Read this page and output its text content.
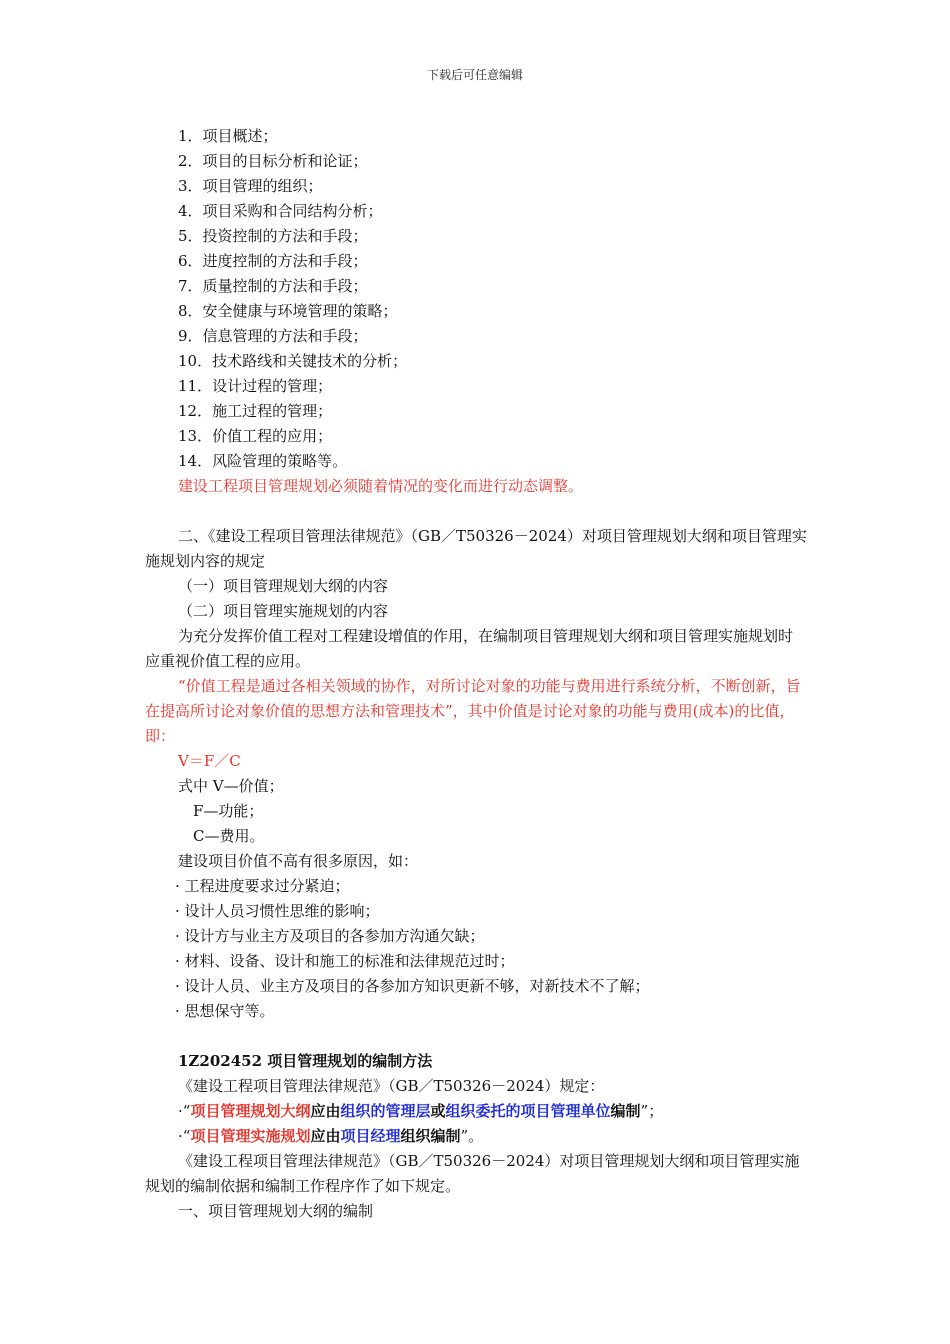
下载后可任意编辑
1．项目概述；
2．项目的目标分析和论证；
3．项目管理的组织；
4．项目采购和合同结构分析；
5．投资控制的方法和手段；
6．进度控制的方法和手段；
7．质量控制的方法和手段；
8．安全健康与环境管理的策略；
9．信息管理的方法和手段；
10．技术路线和关键技术的分析；
11．设计过程的管理；
12．施工过程的管理；
13．价值工程的应用；
14．风险管理的策略等。
建设工程项目管理规划必须随着情况的变化而进行动态调整。
二、《建设工程项目管理法律规范》（GB／T50326－2024）对项目管理规划大纲和项目管理实施规划内容的规定
（一）项目管理规划大纲的内容
（二）项目管理实施规划的内容
为充分发挥价值工程对工程建设增值的作用，在编制项目管理规划大纲和项目管理实施规划时应重视价值工程的应用。
“价值工程是通过各相关领域的协作，对所讨论对象的功能与费用进行系统分析，不断创新，旨在提高所讨论对象价值的思想方法和管理技术”，其中价值是讨论对象的功能与费用(成本)的比值，即：
V＝F／C
式中 V—价值；
F—功能；
C—费用。
建设项目价值不高有很多原因，如：
· 工程进度要求过分紧迫；
· 设计人员习惯性思维的影响；
· 设计方与业主方及项目的各参加方沟通欠缺；
· 材料、设备、设计和施工的标准和法律规范过时；
· 设计人员、业主方及项目的各参加方知识更新不够，对新技术不了解；
· 思想保守等。
1Z202452 项目管理规划的编制方法
《建设工程项目管理法律规范》（GB／T50326－2024）规定：
·“项目管理规划大纲应由组织的管理层或组织委托的项目管理单位编制”；
·“项目管理实施规划应由项目经理组织编制”。
《建设工程项目管理法律规范》（GB／T50326－2024）对项目管理规划大纲和项目管理实施规划的编制依据和编制工作程序作了如下规定。
一、项目管理规划大纲的编制
